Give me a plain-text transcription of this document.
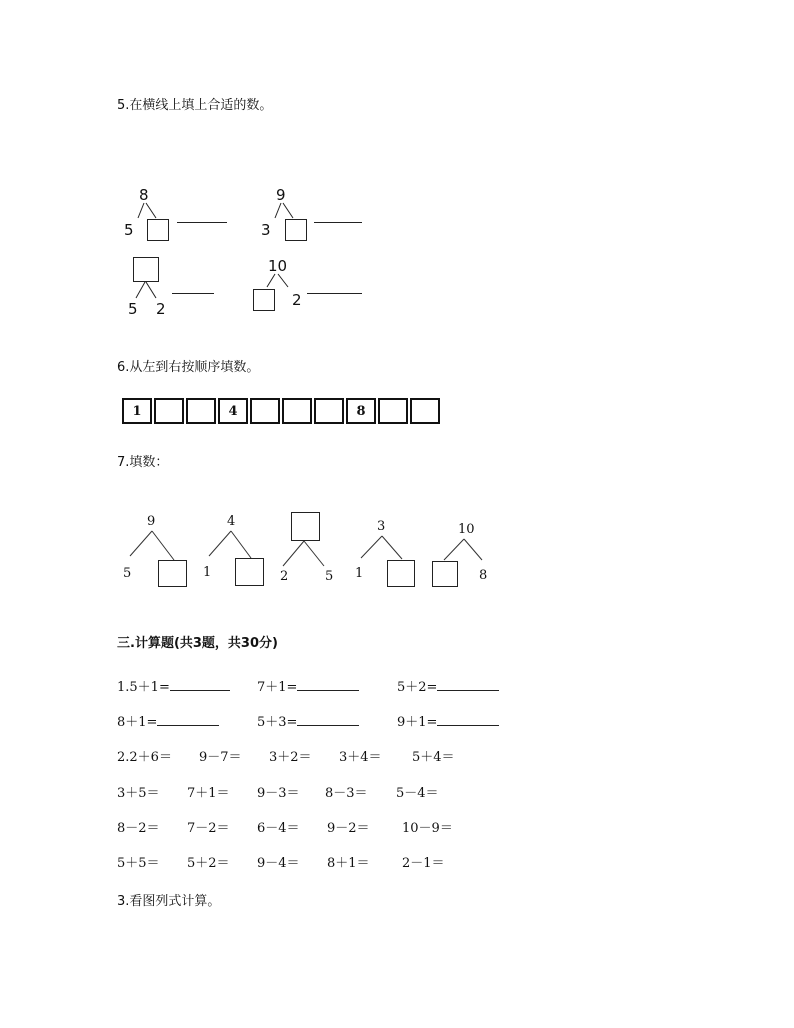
5.在横线上填上合适的数。
8
5
9
3
5 2
10
2
6.从左到右按顺序填数。
1	4	8
7.填数：
9
5
4
1	2	5
3
1
10
8
三.计算题(共3题，共30分)
1.5＋1=	7＋1=	5＋2=
8＋1=	5＋3=	9＋1=
2.2＋6＝ 9－7＝ 3＋2＝ 3＋4＝ 5＋4＝
3＋5＝ 7＋1＝ 9－3＝ 8－3＝ 5－4＝
8－2＝ 7－2＝ 6－4＝ 9－2＝ 10－9＝
5＋5＝ 5＋2＝ 9－4＝ 8＋1＝ 2－1＝
3.看图列式计算。
